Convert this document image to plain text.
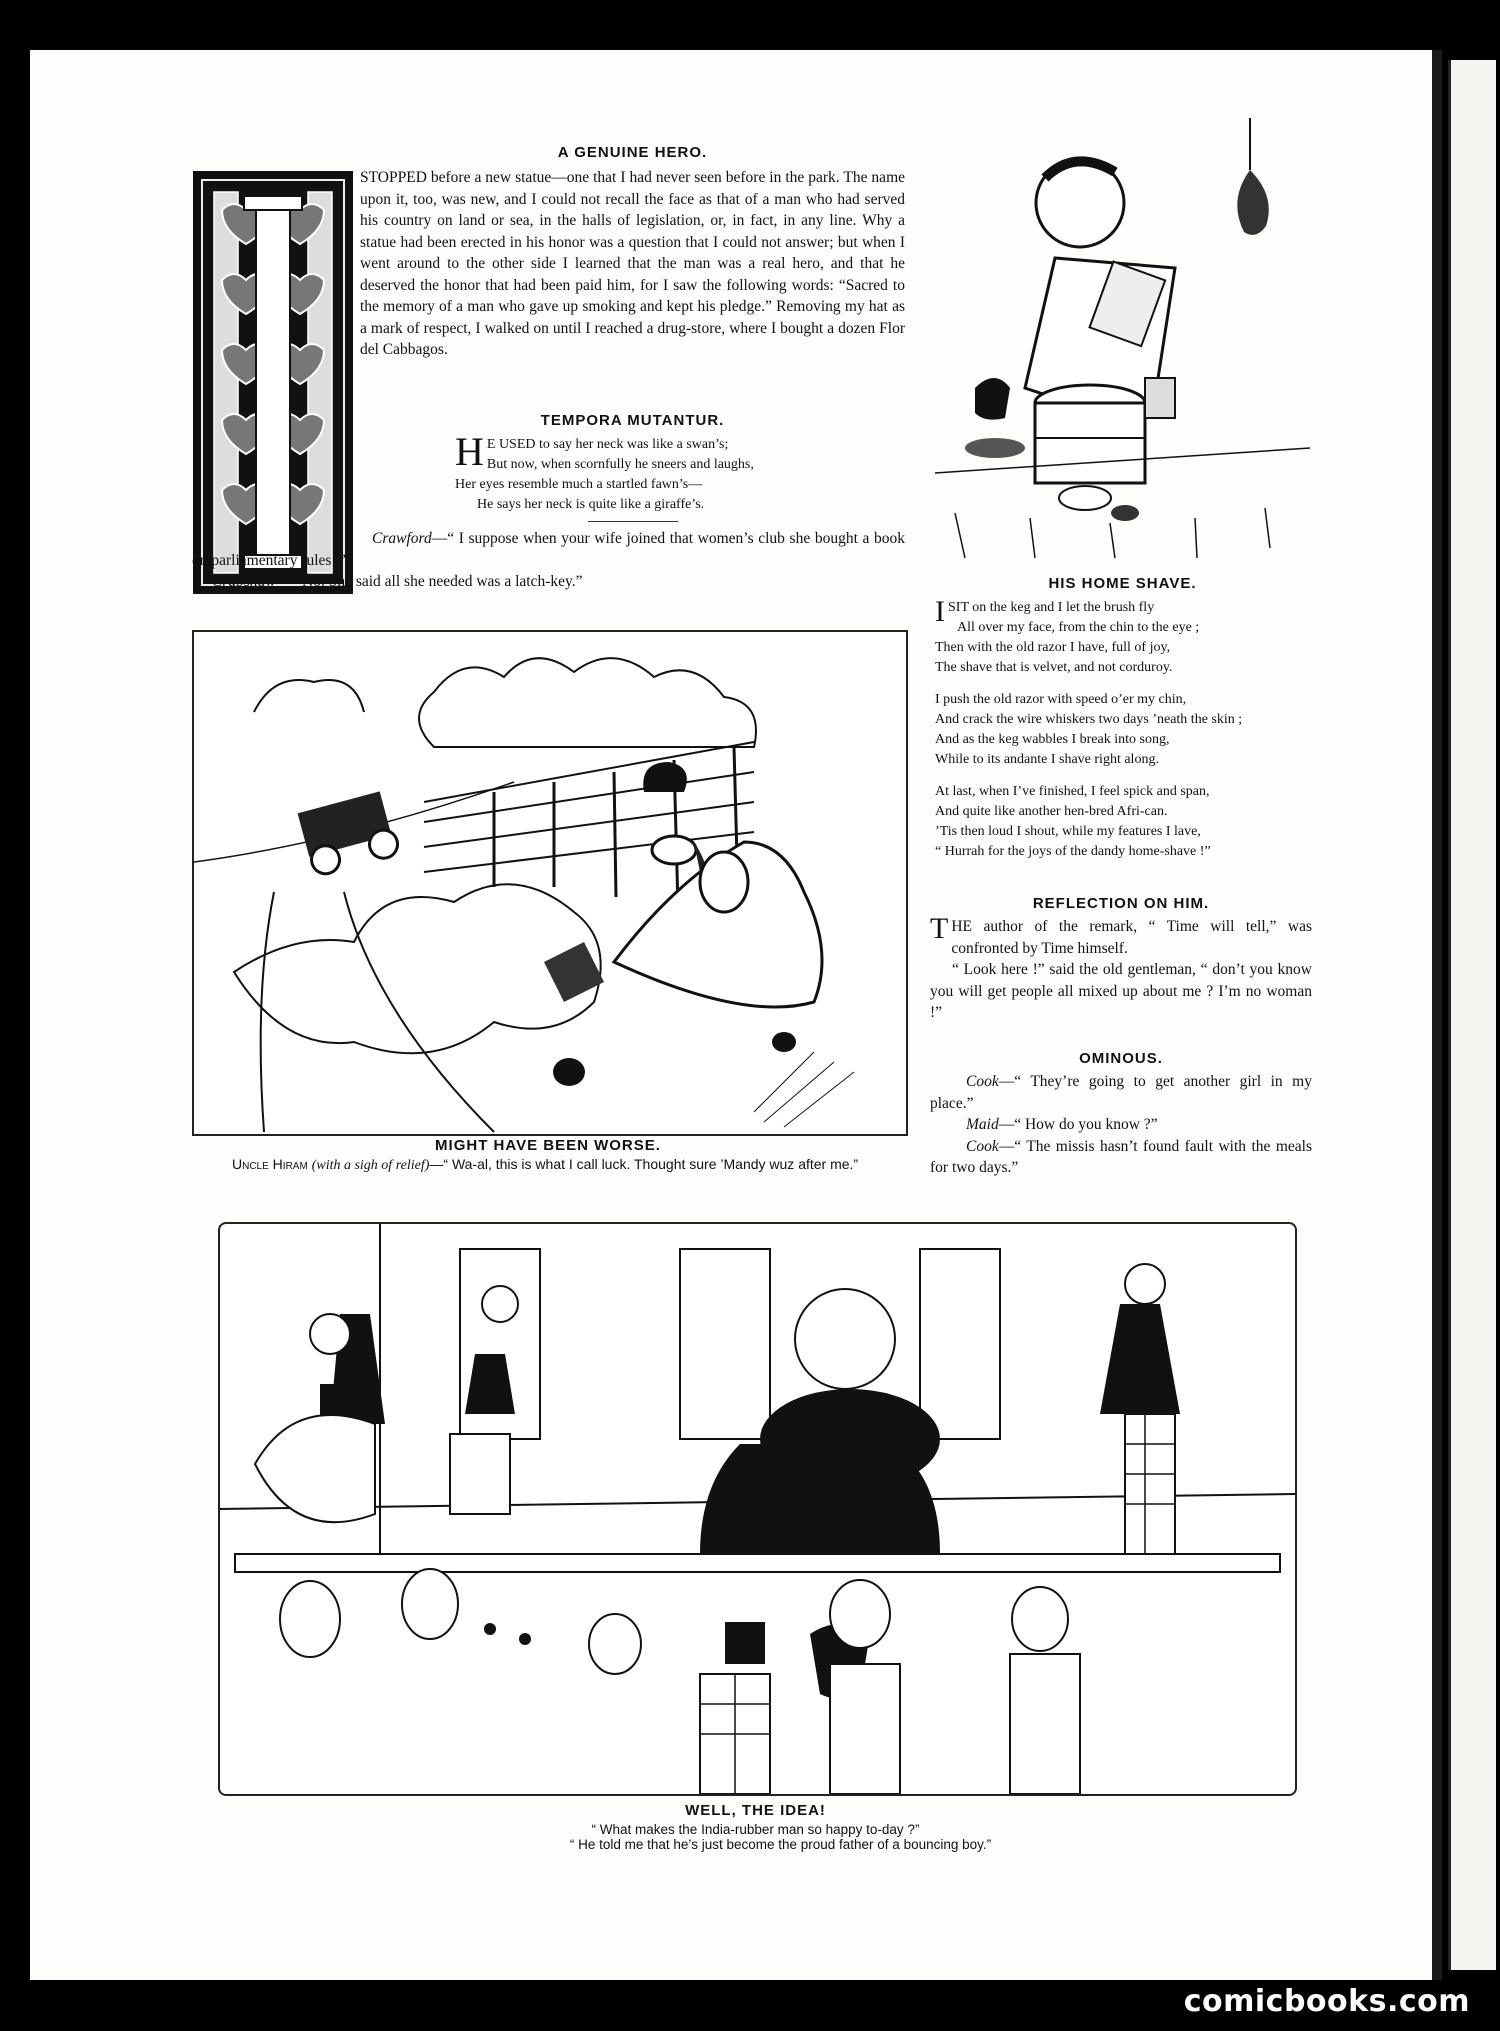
A GENUINE HERO.

STOPPED before a new statue—one that I had never seen before in the park. The name upon it, too, was new, and I could not recall the face as that of a man who had served his country on land or sea, in the halls of legislation, or, in fact, in any line. Why a statue had been erected in his honor was a question that I could not answer; but when I went around to the other side I learned that the man was a real hero, and that he deserved the honor that had been paid him, for I saw the following words: “Sacred to the memory of a man who gave up smoking and kept his pledge.” Removing my hat as a mark of respect, I walked on until I reached a drug-store, where I bought a dozen Flor del Cabbagos.

TEMPORA MUTANTUR.
H E USED to say her neck was like a swan’s;
But now, when scornfully he sneers and laughs,
Her eyes resemble much a startled fawn’s—
He says her neck is quite like a giraffe’s.

Crawford—“ I suppose when your wife joined that women’s club she bought a book on parliamentary rules ?”

Crabshaw—“ No. She said all she needed was a latch-key.”	HIS HOME SHAVE.
I SIT on the keg and I let the brush fly
All over my face, from the chin to the eye ;
Then with the old razor I have, full of joy,
The shave that is velvet, and not corduroy.
I push the old razor with speed o’er my chin,
And crack the wire whiskers two days ’neath the skin ;
And as the keg wabbles I break into song,
While to its andante I shave right along.
At last, when I’ve finished, I feel spick and span,
And quite like another hen-bred Afri-can.
’Tis then loud I shout, while my features I lave,
“ Hurrah for the joys of the dandy home-shave !”
REFLECTION ON HIM.

THE author of the remark, “ Time will tell,” was confronted by Time himself.

“ Look here !” said the old gentleman, “ don’t you know you will get people all mixed up about me ? I’m no woman !”

OMINOUS.

Cook—“ They’re going to get another girl in my place.”

Maid—“ How do you know ?”

Cook—“ The missis hasn’t found fault with the meals for two days.”

MIGHT HAVE BEEN WORSE.
Uncle Hiram (with a sigh of relief)—“ Wa-al, this is what I call luck. Thought sure ’Mandy wuz after me.”
WELL, THE IDEA!
“ What makes the India-rubber man so happy to-day ?”
“ He told me that he’s just become the proud father of a bouncing boy.”
comicbooks.com
